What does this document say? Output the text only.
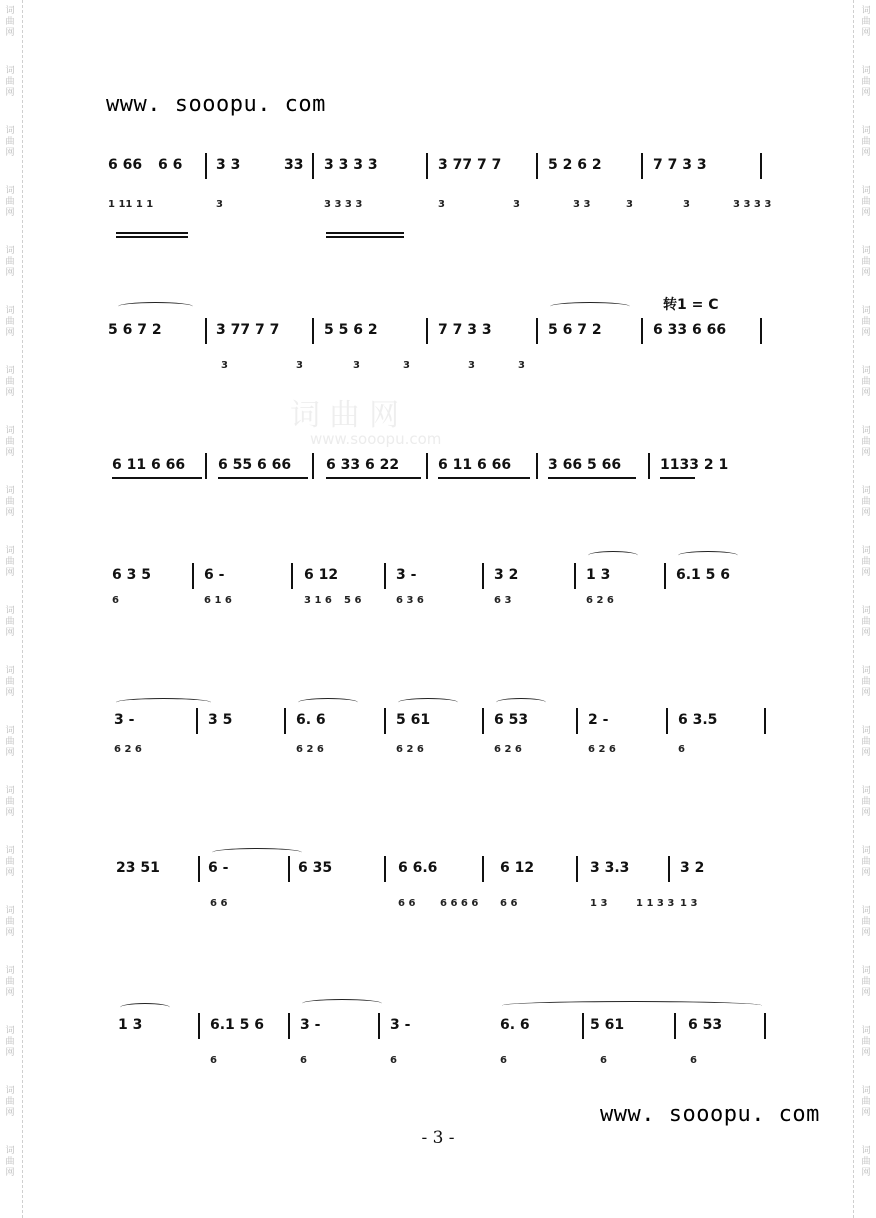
词
曲
网
词
曲
网
词
曲
网
词
曲
网
词
曲
网
词
曲
网
词
曲
网
词
曲
网
词
曲
网
词
曲
网
词
曲
网
词
曲
网
词
曲
网
词
曲
网
词
曲
网
词
曲
网
词
曲
网
词
曲
网
词
曲
网
词
曲
网
词
曲
网
词
曲
网
词
曲
网
词
曲
网
词
曲
网
词
曲
网
词
曲
网
词
曲
网
词
曲
网
词
曲
网
词
曲
网
词
曲
网
词
曲
网
词
曲
网
词
曲
网
词
曲
网
词
曲
网
词
曲
网
词
曲
网
词
曲
网
词 曲 网
www.sooopu.com
www. sooopu. com
6 66 6 6 3 3	33 3 3 3 3	3 77 7 7	5 2 6 2	7 7 3 3
1 11 1 1	3	3 3 3 3	3	3	3 3	3	3	3 3 3 3
5 6 7 2	3 77 7 7	5 5 6 2	7 7 3 3	5 6 7 2	6 33 6 66
转1 = C
3	3	3	3	3	3
6 11 6 66 6 55 6 66 6 33 6 22	6 11 6 66	3 66 5 66	1133 2 1
6 3 5	6 -	6 12	3 -	3 2	1 3	6.1 5 6
6	6 1 6	3 1 6 5 6	6 3 6	6 3	6 2 6
3 -	3 5	6. 6	5 61	6 53	2 -	6 3.5
6 2 6	6 2 6	6 2 6	6 2 6	6 2 6	6
23 51	6 -	6 35	6 6.6	6 12	3 3.3	3 2
6 6	6 6 6 6 6 6 6 6	1 3	1 1 3 3 1 3
1 3	6.1 5 6	3 -	3 -	6. 6	5 61	6 53
6	6	6	6	6	6
www. sooopu. com
- 3 -
